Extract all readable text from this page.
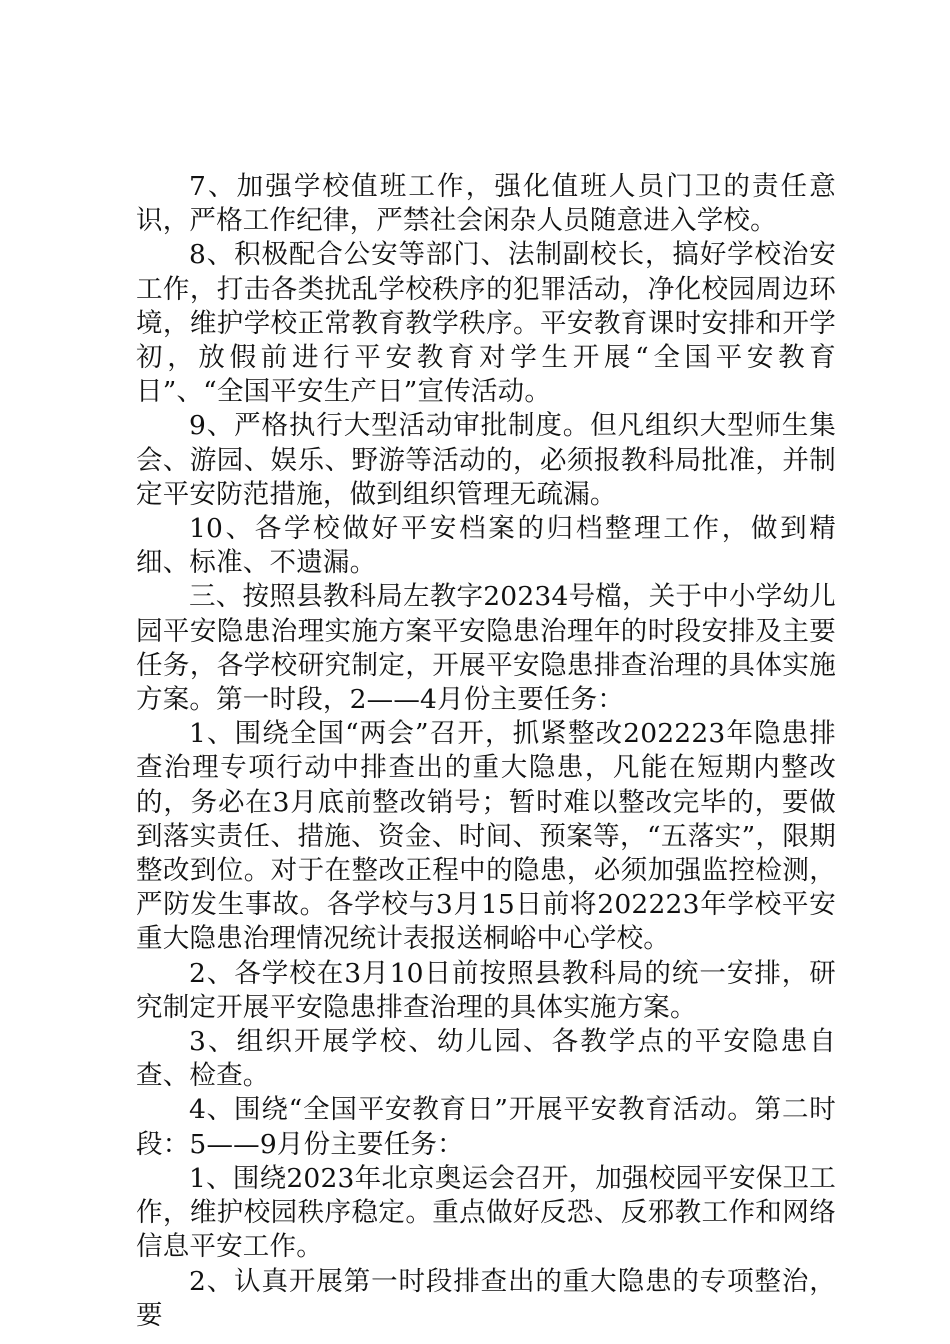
7、加强学校值班工作，强化值班人员门卫的责任意识，严格工作纪律，严禁社会闲杂人员随意进入学校。

8、积极配合公安等部门、法制副校长，搞好学校治安工作，打击各类扰乱学校秩序的犯罪活动，净化校园周边环境，维护学校正常教育教学秩序。平安教育课时安排和开学初，放假前进行平安教育对学生开展“全国平安教育日”、“全国平安生产日”宣传活动。

9、严格执行大型活动审批制度。但凡组织大型师生集会、游园、娱乐、野游等活动的，必须报教科局批准，并制定平安防范措施，做到组织管理无疏漏。

10、各学校做好平安档案的归档整理工作，做到精细、标准、不遗漏。

三、按照县教科局左教字20234号檔，关于中小学幼儿园平安隐患治理实施方案平安隐患治理年的时段安排及主要任务，各学校研究制定，开展平安隐患排查治理的具体实施方案。第一时段，2——4月份主要任务：

1、围绕全国“两会”召开，抓紧整改202223年隐患排查治理专项行动中排查出的重大隐患，凡能在短期内整改的，务必在3月底前整改销号；暂时难以整改完毕的，要做到落实责任、措施、资金、时间、预案等，“五落实”，限期整改到位。对于在整改正程中的隐患，必须加强监控检测，严防发生事故。各学校与3月15日前将202223年学校平安重大隐患治理情况统计表报送桐峪中心学校。

2、各学校在3月10日前按照县教科局的统一安排，研究制定开展平安隐患排查治理的具体实施方案。

3、组织开展学校、幼儿园、各教学点的平安隐患自查、检查。

4、围绕“全国平安教育日”开展平安教育活动。第二时段：5——9月份主要任务：

1、围绕2023年北京奥运会召开，加强校园平安保卫工作，维护校园秩序稳定。重点做好反恐、反邪教工作和网络信息平安工作。

2、认真开展第一时段排查出的重大隐患的专项整治，要
